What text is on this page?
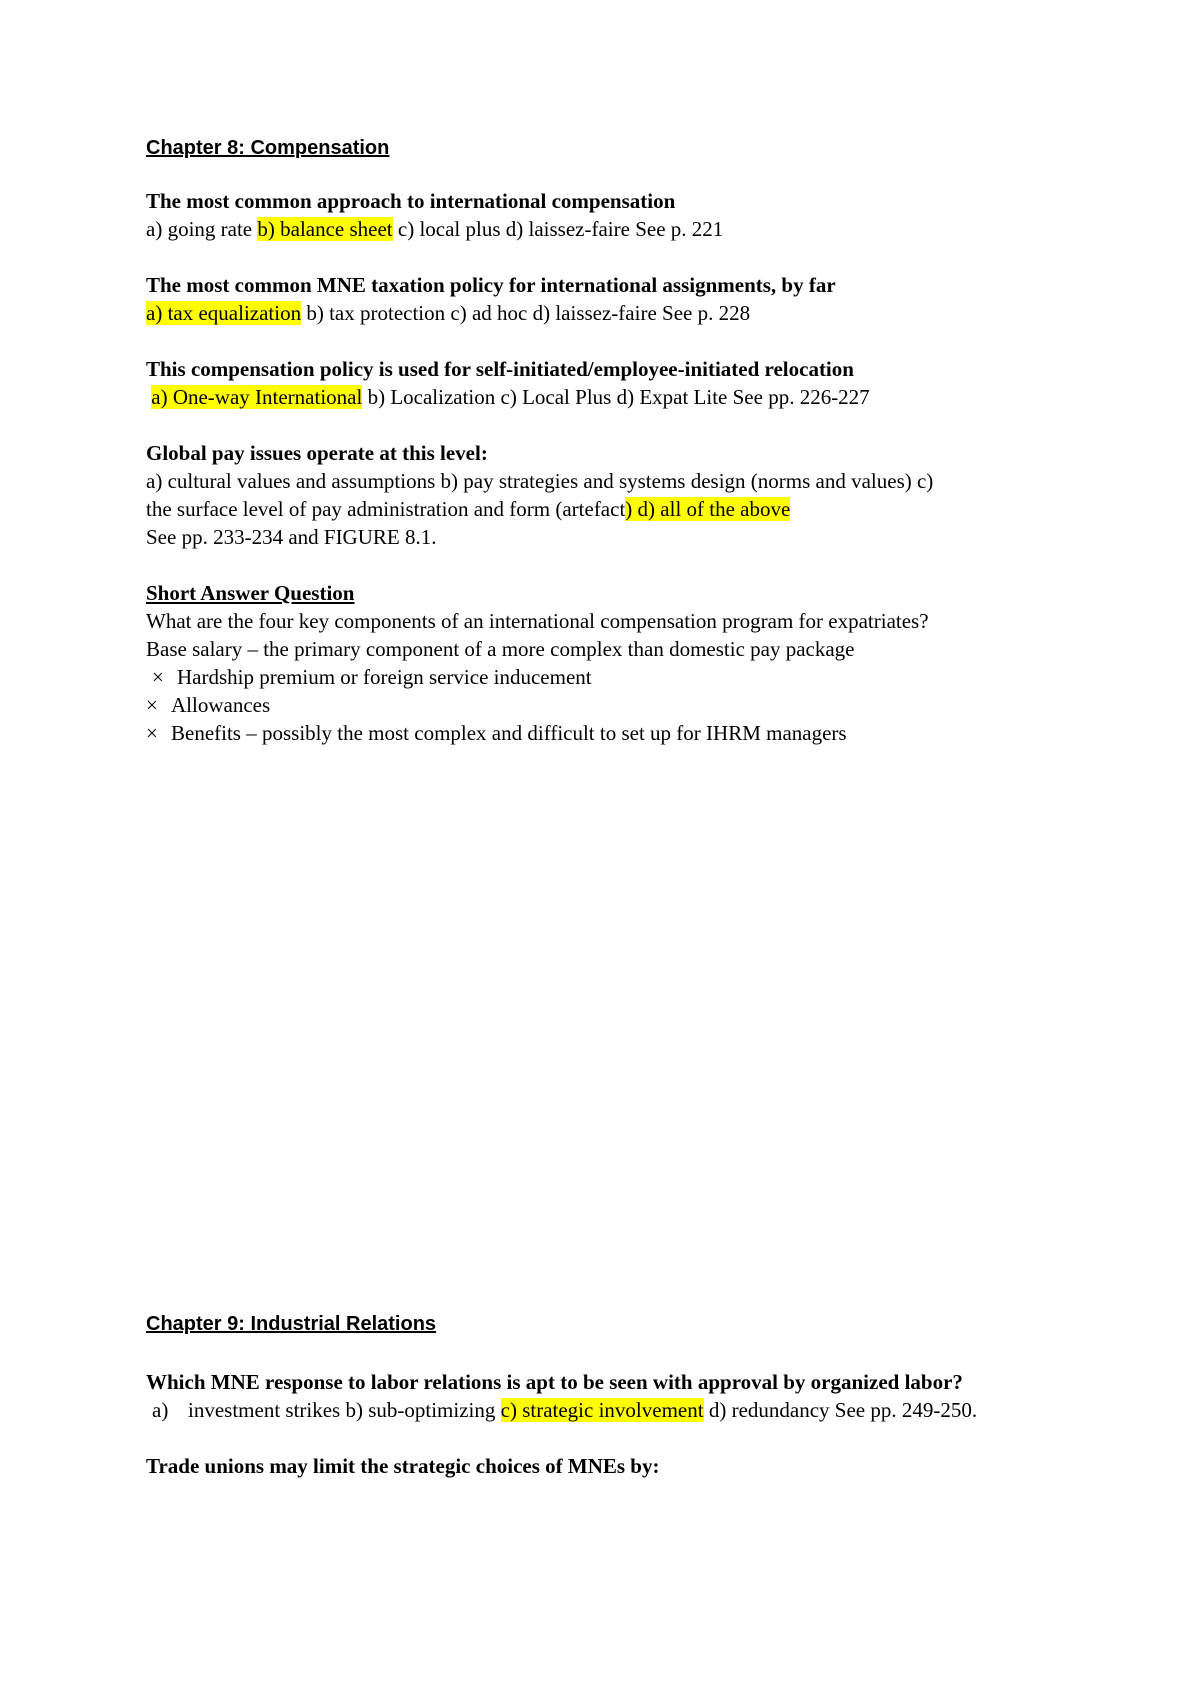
Chapter 8: Compensation

The most common approach to international compensation

a) going rate b) balance sheet c) local plus d) laissez-faire See p. 221

The most common MNE taxation policy for international assignments, by far

a) tax equalization b) tax protection c) ad hoc d) laissez-faire See p. 228

This compensation policy is used for self-initiated/employee-initiated relocation

a) One-way International b) Localization c) Local Plus d) Expat Lite See pp. 226-227

Global pay issues operate at this level:

a) cultural values and assumptions b) pay strategies and systems design (norms and values) c)

the surface level of pay administration and form (artefact) d) all of the above

See pp. 233-234 and FIGURE 8.1.

Short Answer Question

What are the four key components of an international compensation program for expatriates?

Base salary – the primary component of a more complex than domestic pay package

× Hardship premium or foreign service inducement

× Allowances

× Benefits – possibly the most complex and difficult to set up for IHRM managers

Chapter 9: Industrial Relations

Which MNE response to labor relations is apt to be seen with approval by organized labor?

a) investment strikes b) sub-optimizing c) strategic involvement d) redundancy See pp. 249-250.

Trade unions may limit the strategic choices of MNEs by:
